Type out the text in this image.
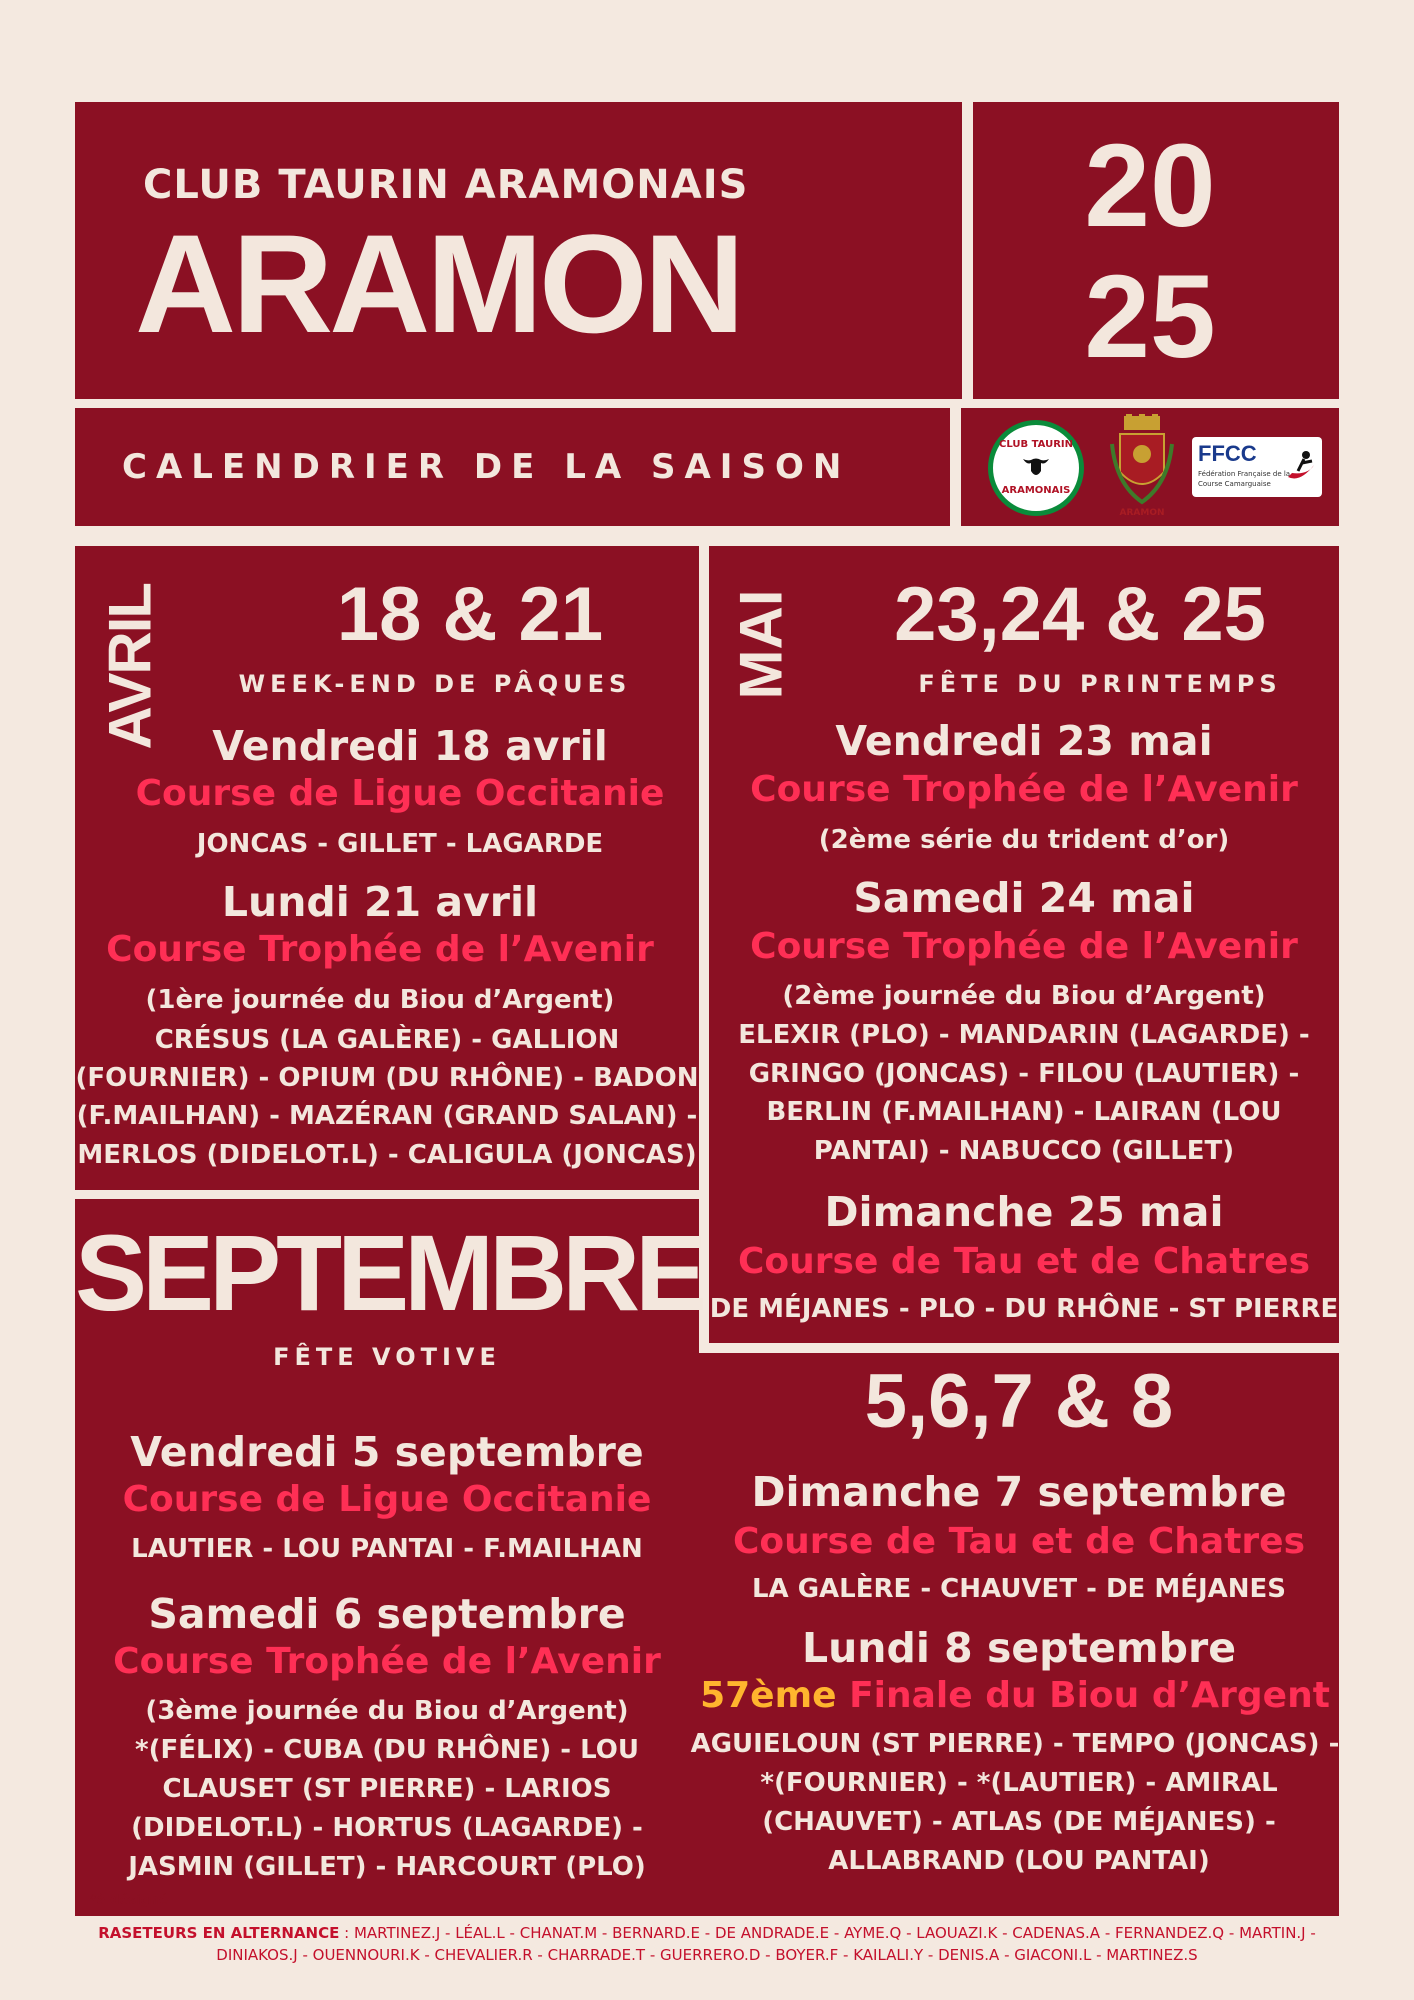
CLUB TAURIN ARAMONAIS
ARAMON
20
25
CALENDRIER DE LA SAISON
CLUB TAURIN
ARAMONAIS
ARAMON
FFCC
Fédération Française de la
Course Camarguaise
AVRIL	18 & 21
WEEK-END DE PÂQUES
Vendredi 18 avril
Course de Ligue Occitanie
JONCAS - GILLET - LAGARDE
Lundi 21 avril
Course Trophée de l’Avenir
(1ère journée du Biou d’Argent)
CRÉSUS (LA GALÈRE) - GALLION
(FOURNIER) - OPIUM (DU RHÔNE) - BADON
(F.MAILHAN) - MAZÉRAN (GRAND SALAN) -
MERLOS (DIDELOT.L) - CALIGULA (JONCAS)
MAI	23,24 & 25
FÊTE DU PRINTEMPS
Vendredi 23 mai
Course Trophée de l’Avenir
(2ème série du trident d’or)
Samedi 24 mai
Course Trophée de l’Avenir
(2ème journée du Biou d’Argent)
ELEXIR (PLO) - MANDARIN (LAGARDE) -
GRINGO (JONCAS) - FILOU (LAUTIER) -
BERLIN (F.MAILHAN) - LAIRAN (LOU
PANTAI) - NABUCCO (GILLET)
Dimanche 25 mai
Course de Tau et de Chatres
DE MÉJANES - PLO - DU RHÔNE - ST PIERRE
SEPTEMBRE
FÊTE VOTIVE
5,6,7 & 8
Vendredi 5 septembre
Course de Ligue Occitanie
LAUTIER - LOU PANTAI - F.MAILHAN
Samedi 6 septembre
Course Trophée de l’Avenir
(3ème journée du Biou d’Argent)
*(FÉLIX) - CUBA (DU RHÔNE) - LOU
CLAUSET (ST PIERRE) - LARIOS
(DIDELOT.L) - HORTUS (LAGARDE) -
JASMIN (GILLET) - HARCOURT (PLO)
Dimanche 7 septembre
Course de Tau et de Chatres
LA GALÈRE - CHAUVET - DE MÉJANES
Lundi 8 septembre
57ème Finale du Biou d’Argent
AGUIELOUN (ST PIERRE) - TEMPO (JONCAS) -
*(FOURNIER) - *(LAUTIER) - AMIRAL
(CHAUVET) - ATLAS (DE MÉJANES) -
ALLABRAND (LOU PANTAI)
*à désigné
RASETEURS EN ALTERNANCE : MARTINEZ.J - LÉAL.L - CHANAT.M - BERNARD.E - DE ANDRADE.E - AYME.Q - LAOUAZI.K - CADENAS.A - FERNANDEZ.Q - MARTIN.J -
DINIAKOS.J - OUENNOURI.K - CHEVALIER.R - CHARRADE.T - GUERRERO.D - BOYER.F - KAILALI.Y - DENIS.A - GIACONI.L - MARTINEZ.S
